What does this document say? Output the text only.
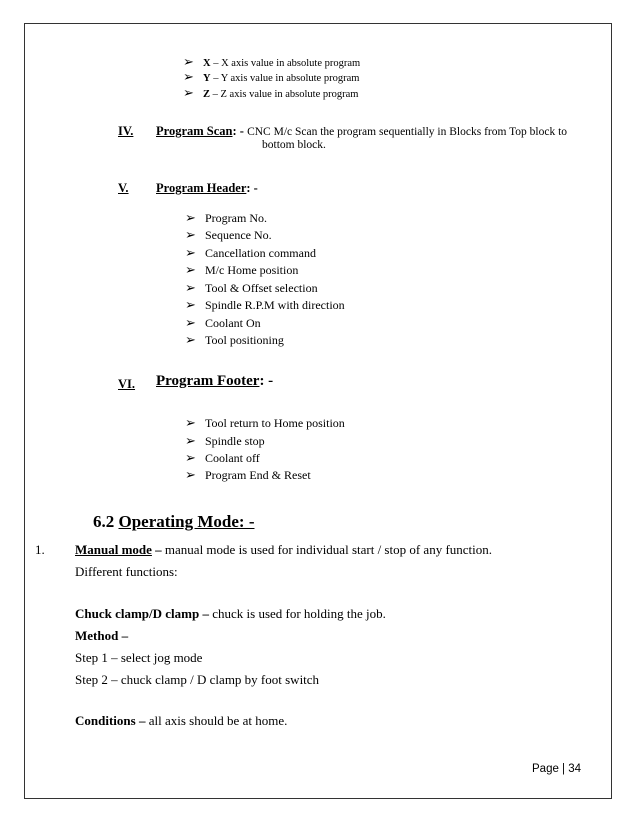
➢ X – X axis value in absolute program
➢ Y – Y axis value in absolute program
➢ Z – Z axis value in absolute program
IV. Program Scan: - CNC M/c Scan the program sequentially in Blocks from Top block to
bottom block.
V. Program Header: -
➢ Program No.
➢ Sequence No.
➢ Cancellation command
➢ M/c Home position
➢ Tool & Offset selection
➢ Spindle R.P.M with direction
➢ Coolant On
➢ Tool positioning
VI. Program Footer: -
➢ Tool return to Home position
➢ Spindle stop
➢ Coolant off
➢ Program End & Reset
6.2 Operating Mode: -
1. Manual mode – manual mode is used for individual start / stop of any function.
Different functions:
Chuck clamp/D clamp – chuck is used for holding the job.
Method –
Step 1 – select jog mode
Step 2 – chuck clamp / D clamp by foot switch
Conditions – all axis should be at home.
Page | 34
